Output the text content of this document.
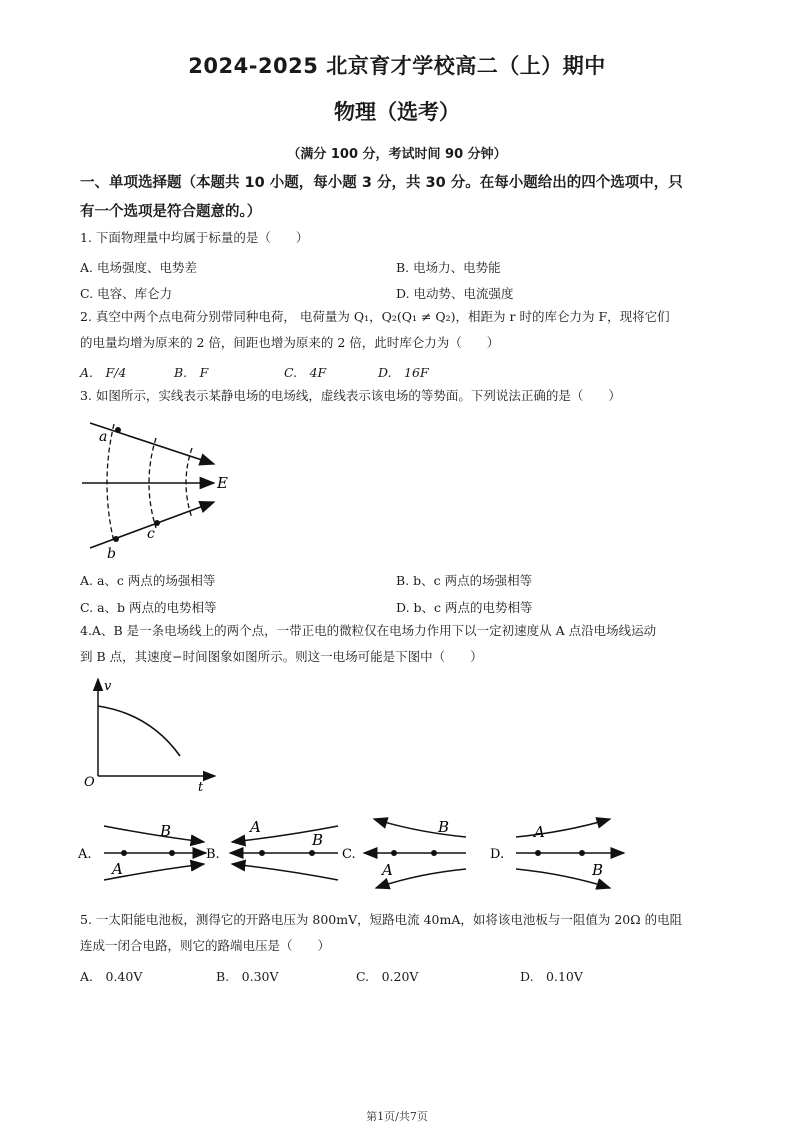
2024-2025 北京育才学校高二（上）期中
物理（选考）
（满分 100 分，考试时间 90 分钟）
一、单项选择题（本题共 10 小题，每小题 3 分，共 30 分。在每小题给出的四个选项中，只
有一个选项是符合题意的。）
1. 下面物理量中均属于标量的是（　　）
A. 电场强度、电势差	B. 电场力、电势能
C. 电容、库仑力	D. 电动势、电流强度
2. 真空中两个点电荷分别带同种电荷， 电荷量为 Q₁，Q₂(Q₁ ≠ Q₂)，相距为 r 时的库仑力为 F，现将它们
的电量均增为原来的 2 倍，间距也增为原来的 2 倍，此时库仑力为（　　）
A.　F/4	B.　F	C.　4F	D.　16F
3. 如图所示，实线表示某静电场的电场线，虚线表示该电场的等势面。下列说法正确的是（　　）
a
b
c
E
A. a、c 两点的场强相等	B. b、c 两点的场强相等
C. a、b 两点的电势相等	D. b、c 两点的电势相等
4.A、B 是一条电场线上的两个点，一带正电的微粒仅在电场力作用下以一定初速度从 A 点沿电场线运动
到 B 点，其速度−时间图象如图所示。则这一电场可能是下图中（　　）
v
t
O
A.
B
A
B.
A
B
C.
B
A
D.
A
B
5. 一太阳能电池板，测得它的开路电压为 800mV，短路电流 40mA，如将该电池板与一阻值为 20Ω 的电阻
连成一闭合电路，则它的路端电压是（　　）
A.　0.40V	B.　0.30V	C.　0.20V	D.　0.10V
第1页/共7页
